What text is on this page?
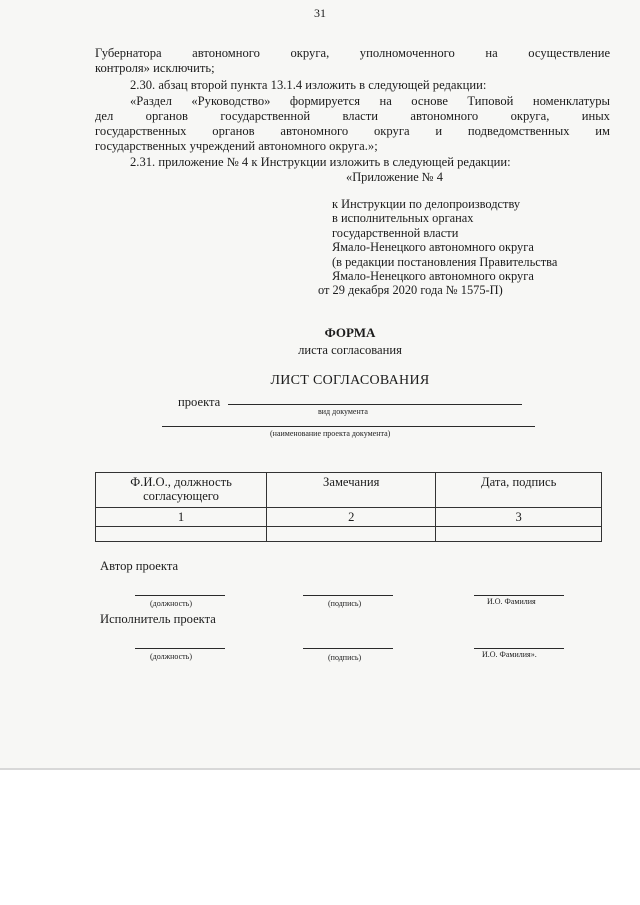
31
Губернатора автономного округа, уполномоченного на осуществление
контроля» исключить;
2.30. абзац второй пункта 13.1.4 изложить в следующей редакции:
«Раздел «Руководство» формируется на основе Типовой номенклатуры
дел	органов	государственной	власти	автономного	округа,	иных
государственных органов автономного округа и подведомственных им
государственных учреждений автономного округа.»;
2.31. приложение № 4 к Инструкции изложить в следующей редакции:
«Приложение № 4
к Инструкции по делопроизводству
в исполнительных органах
государственной власти
Ямало-Ненецкого автономного округа
(в редакции постановления Правительства
Ямало-Ненецкого автономного округа
от 29 декабря 2020 года № 1575-П)
ФОРМА
листа согласования
ЛИСТ СОГЛАСОВАНИЯ
проекта
вид документа
(наименование проекта документа)
Ф.И.О., должность согласующего	Замечания	Дата, подпись
1	2	3

Автор проекта
(должность)	(подпись)	И.О. Фамилия
Исполнитель проекта
(должность)	(подпись)	И.О. Фамилия».
